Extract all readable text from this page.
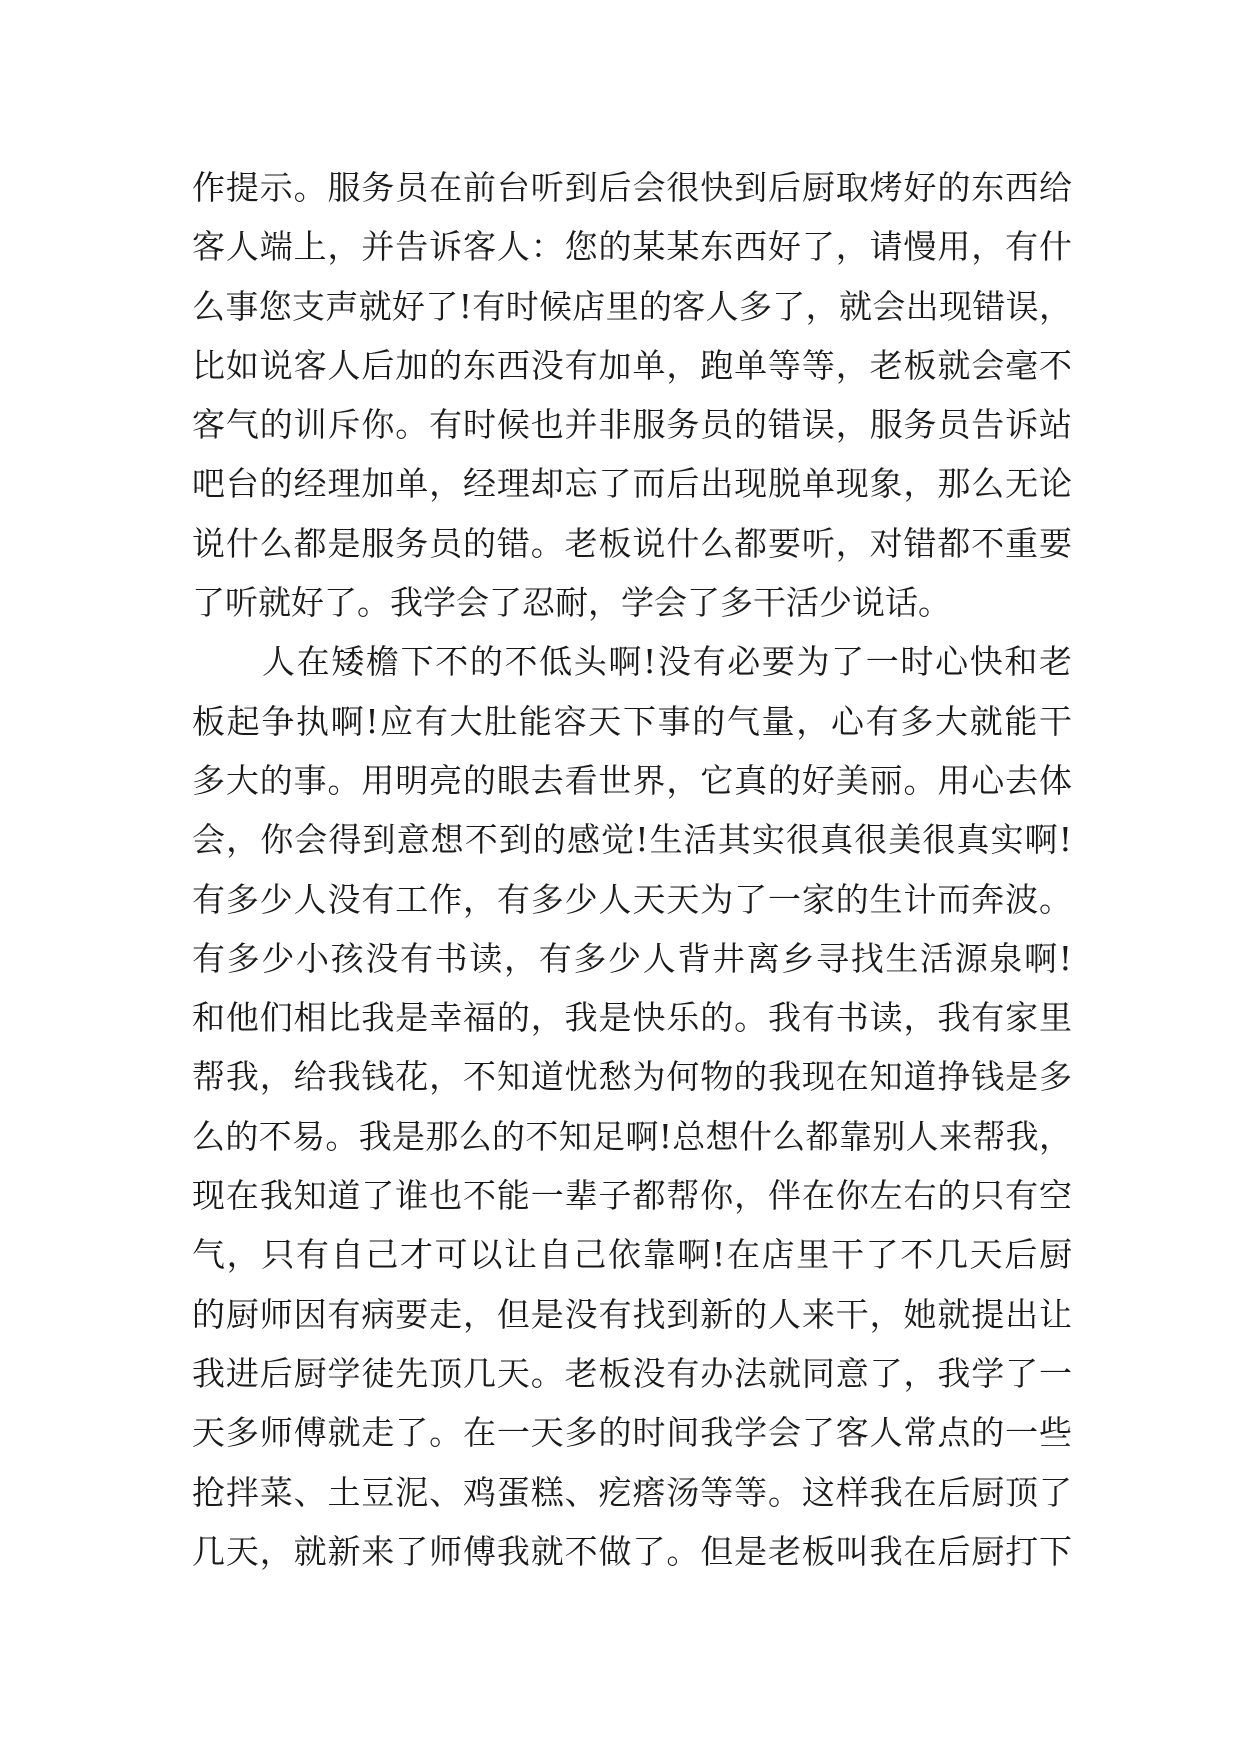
作提示。服务员在前台听到后会很快到后厨取烤好的东西给
客人端上，并告诉客人：您的某某东西好了，请慢用，有什
么事您支声就好了!有时候店里的客人多了，就会出现错误，
比如说客人后加的东西没有加单，跑单等等，老板就会毫不
客气的训斥你。有时候也并非服务员的错误，服务员告诉站
吧台的经理加单，经理却忘了而后出现脱单现象，那么无论
说什么都是服务员的错。老板说什么都要听，对错都不重要
了听就好了。我学会了忍耐，学会了多干活少说话。
人在矮檐下不的不低头啊!没有必要为了一时心快和老
板起争执啊!应有大肚能容天下事的气量，心有多大就能干
多大的事。用明亮的眼去看世界，它真的好美丽。用心去体
会，你会得到意想不到的感觉!生活其实很真很美很真实啊!
有多少人没有工作，有多少人天天为了一家的生计而奔波。
有多少小孩没有书读，有多少人背井离乡寻找生活源泉啊!
和他们相比我是幸福的，我是快乐的。我有书读，我有家里
帮我，给我钱花，不知道忧愁为何物的我现在知道挣钱是多
么的不易。我是那么的不知足啊!总想什么都靠别人来帮我，
现在我知道了谁也不能一辈子都帮你，伴在你左右的只有空
气，只有自己才可以让自己依靠啊!在店里干了不几天后厨
的厨师因有病要走，但是没有找到新的人来干，她就提出让
我进后厨学徒先顶几天。老板没有办法就同意了，我学了一
天多师傅就走了。在一天多的时间我学会了客人常点的一些
抢拌菜、土豆泥、鸡蛋糕、疙瘩汤等等。这样我在后厨顶了
几天，就新来了师傅我就不做了。但是老板叫我在后厨打下
